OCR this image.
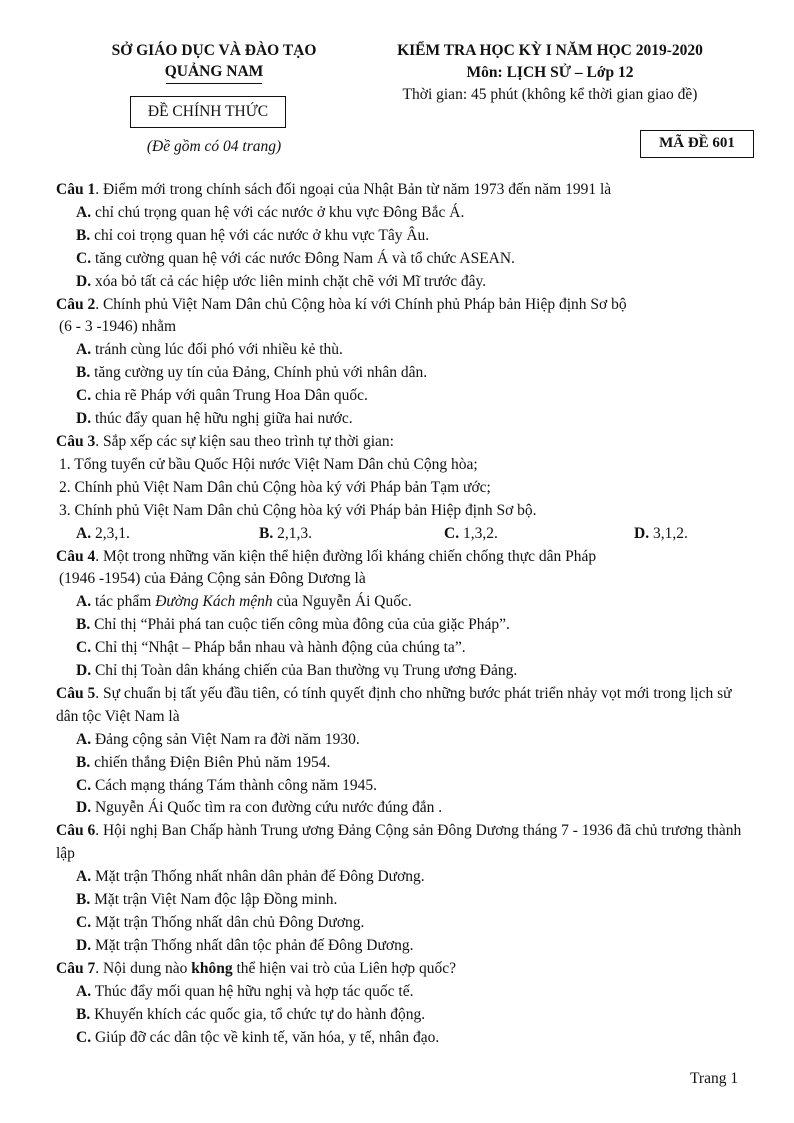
SỞ GIÁO DỤC VÀ ĐÀO TẠO
QUẢNG NAM
ĐỀ CHÍNH THỨC
(Đề gồm có 04 trang)
KIỂM TRA HỌC KỲ I NĂM HỌC 2019-2020
Môn: LỊCH SỬ – Lớp 12
Thời gian: 45 phút (không kể thời gian giao đề)
MÃ ĐỀ 601
Câu 1. Điểm mới trong chính sách đối ngoại của Nhật Bản từ năm 1973 đến năm 1991 là
A. chỉ chú trọng quan hệ với các nước ở khu vực Đông Bắc Á.
B. chỉ coi trọng quan hệ với các nước ở khu vực Tây Âu.
C. tăng cường quan hệ với các nước Đông Nam Á và tổ chức ASEAN.
D. xóa bỏ tất cả các hiệp ước liên minh chặt chẽ với Mĩ trước đây.
Câu 2. Chính phủ Việt Nam Dân chủ Cộng hòa kí với Chính phủ Pháp bản Hiệp định Sơ bộ
(6 - 3 -1946) nhằm
A. tránh cùng lúc đối phó với nhiều kẻ thù.
B. tăng cường uy tín của Đảng, Chính phủ với nhân dân.
C. chia rẽ Pháp với quân Trung Hoa Dân quốc.
D. thúc đẩy quan hệ hữu nghị giữa hai nước.
Câu 3. Sắp xếp các sự kiện sau theo trình tự thời gian:
1. Tổng tuyển cử bầu Quốc Hội nước Việt Nam Dân chủ Cộng hòa;
2. Chính phủ Việt Nam Dân chủ Cộng hòa ký với Pháp bản Tạm ước;
3. Chính phủ Việt Nam Dân chủ Cộng hòa ký với Pháp bản Hiệp định Sơ bộ.
A. 2,3,1.	B. 2,1,3.	C. 1,3,2.	D. 3,1,2.
Câu 4. Một trong những văn kiện thể hiện đường lối kháng chiến chống thực dân Pháp
(1946 -1954) của Đảng Cộng sản Đông Dương là
A. tác phẩm Đường Kách mệnh của Nguyễn Ái Quốc.
B. Chỉ thị “Phải phá tan cuộc tiến công mùa đông của của giặc Pháp”.
C. Chỉ thị “Nhật – Pháp bắn nhau và hành động của chúng ta”.
D. Chỉ thị Toàn dân kháng chiến của Ban thường vụ Trung ương Đảng.
Câu 5. Sự chuẩn bị tất yếu đầu tiên, có tính quyết định cho những bước phát triển nhảy vọt mới trong lịch sử dân tộc Việt Nam là
A. Đảng cộng sản Việt Nam ra đời năm 1930.
B. chiến thắng Điện Biên Phủ năm 1954.
C. Cách mạng tháng Tám thành công năm 1945.
D. Nguyễn Ái Quốc tìm ra con đường cứu nước đúng đắn .
Câu 6. Hội nghị Ban Chấp hành Trung ương Đảng Cộng sản Đông Dương tháng 7 - 1936 đã chủ trương thành lập
A. Mặt trận Thống nhất nhân dân phản đế Đông Dương.
B. Mặt trận Việt Nam độc lập Đồng minh.
C. Mặt trận Thống nhất dân chủ Đông Dương.
D. Mặt trận Thống nhất dân tộc phản đế Đông Dương.
Câu 7. Nội dung nào không thể hiện vai trò của Liên hợp quốc?
A. Thúc đẩy mối quan hệ hữu nghị và hợp tác quốc tế.
B. Khuyến khích các quốc gia, tổ chức tự do hành động.
C. Giúp đỡ các dân tộc về kinh tế, văn hóa, y tế, nhân đạo.
Trang 1
